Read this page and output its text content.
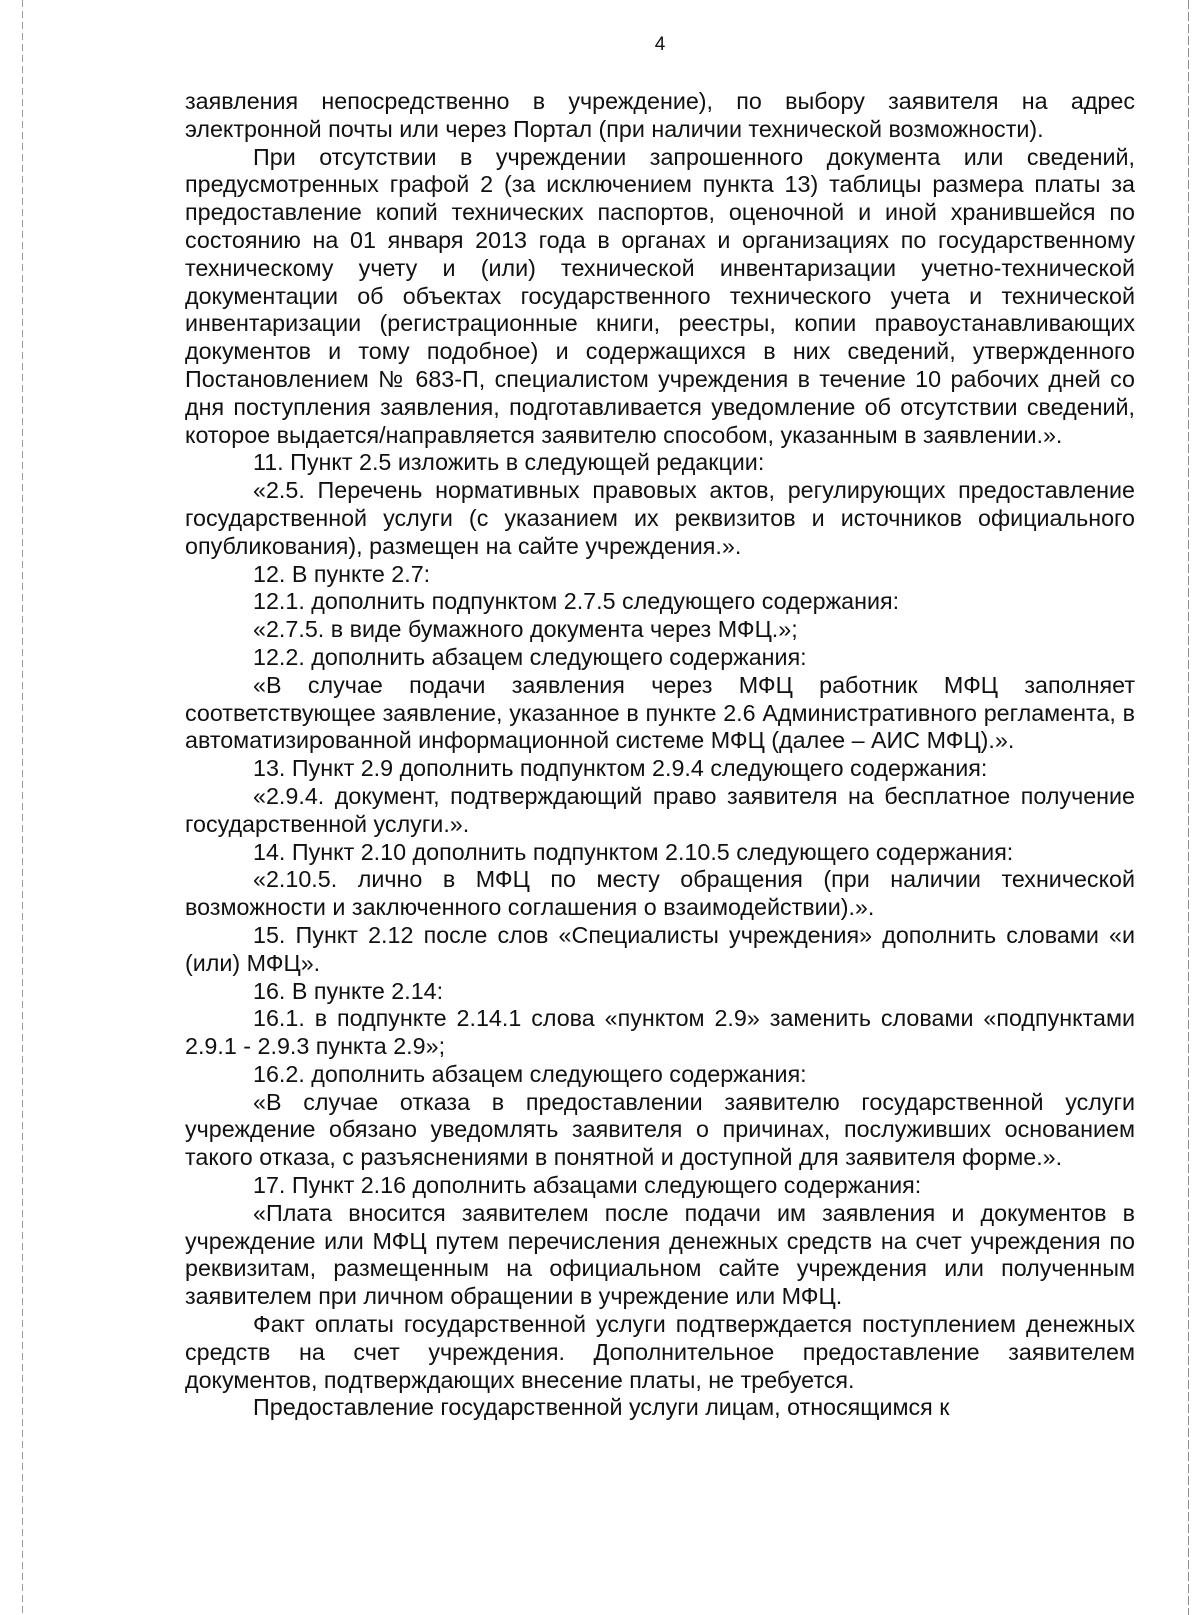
4

заявления непосредственно в учреждение), по выбору заявителя на адрес электронной почты или через Портал (при наличии технической возможности).

При отсутствии в учреждении запрошенного документа или сведений, предусмотренных графой 2 (за исключением пункта 13) таблицы размера платы за предоставление копий технических паспортов, оценочной и иной хранившейся по состоянию на 01 января 2013 года в органах и организациях по государственному техническому учету и (или) технической инвентаризации учетно-технической документации об объектах государственного технического учета и технической инвентаризации (регистрационные книги, реестры, копии правоустанавливающих документов и тому подобное) и содержащихся в них сведений, утвержденного Постановлением № 683-П, специалистом учреждения в течение 10 рабочих дней со дня поступления заявления, подготавливается уведомление об отсутствии сведений, которое выдается/направляется заявителю способом, указанным в заявлении.».

11. Пункт 2.5 изложить в следующей редакции:

«2.5. Перечень нормативных правовых актов, регулирующих предоставление государственной услуги (с указанием их реквизитов и источников официального опубликования), размещен на сайте учреждения.».

12. В пункте 2.7:

12.1. дополнить подпунктом 2.7.5 следующего содержания:

«2.7.5. в виде бумажного документа через МФЦ.»;

12.2. дополнить абзацем следующего содержания:

«В случае подачи заявления через МФЦ работник МФЦ заполняет соответствующее заявление, указанное в пункте 2.6 Административного регламента, в автоматизированной информационной системе МФЦ (далее – АИС МФЦ).».

13. Пункт 2.9 дополнить подпунктом 2.9.4 следующего содержания:

«2.9.4. документ, подтверждающий право заявителя на бесплатное получение государственной услуги.».

14. Пункт 2.10 дополнить подпунктом 2.10.5 следующего содержания:

«2.10.5. лично в МФЦ по месту обращения (при наличии технической возможности и заключенного соглашения о взаимодействии).».

15. Пункт 2.12 после слов «Специалисты учреждения» дополнить словами «и (или) МФЦ».

16. В пункте 2.14:

16.1. в подпункте 2.14.1 слова «пунктом 2.9» заменить словами «подпунктами 2.9.1 - 2.9.3 пункта 2.9»;

16.2. дополнить абзацем следующего содержания:

«В случае отказа в предоставлении заявителю государственной услуги учреждение обязано уведомлять заявителя о причинах, послуживших основанием такого отказа, с разъяснениями в понятной и доступной для заявителя форме.».

17. Пункт 2.16 дополнить абзацами следующего содержания:

«Плата вносится заявителем после подачи им заявления и документов в учреждение или МФЦ путем перечисления денежных средств на счет учреждения по реквизитам, размещенным на официальном сайте учреждения или полученным заявителем при личном обращении в учреждение или МФЦ.

Факт оплаты государственной услуги подтверждается поступлением денежных средств на счет учреждения. Дополнительное предоставление заявителем документов, подтверждающих внесение платы, не требуется.

Предоставление государственной услуги лицам, относящимся к
